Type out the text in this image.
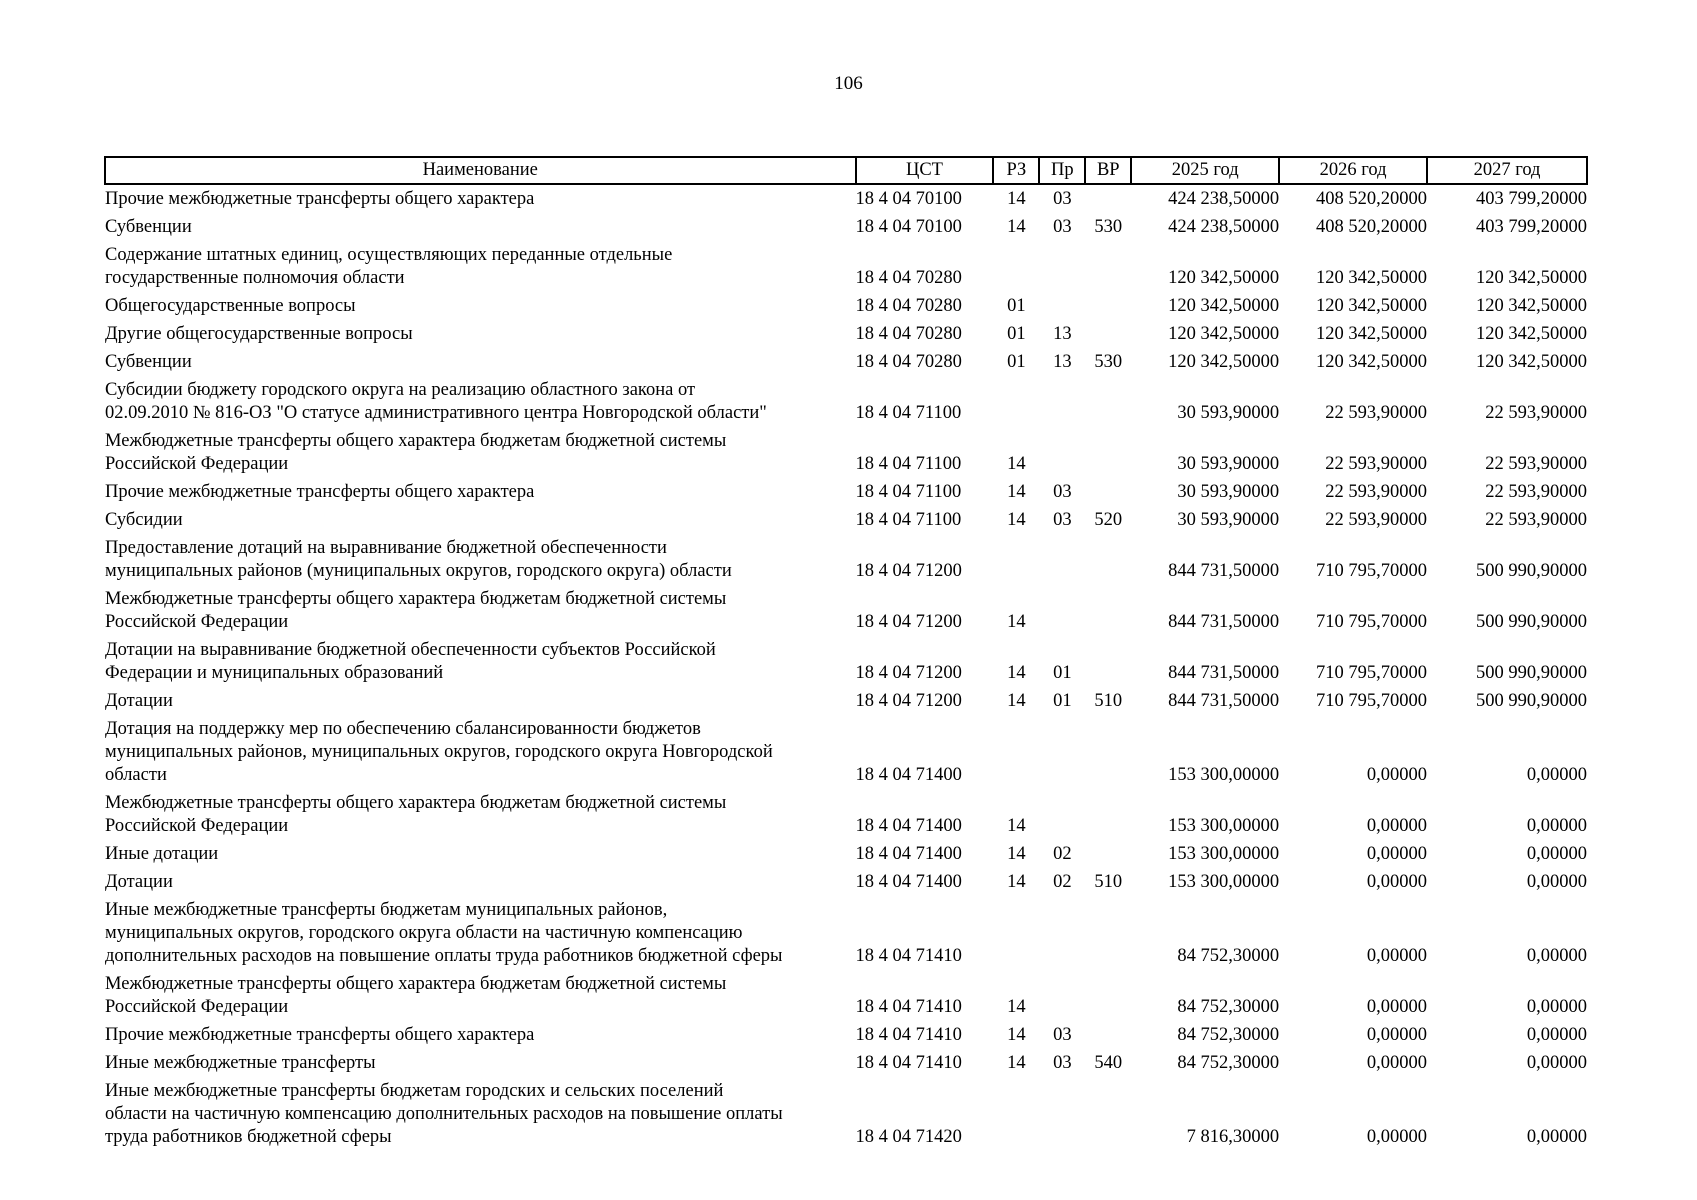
106
Наименование	ЦСТ	РЗ	Пр	ВР	2025 год	2026 год	2027 год

Прочие межбюджетные трансферты общего характера	18 4 04 70100	14	03		424 238,50000	408 520,20000	403 799,20000

Субвенции	18 4 04 70100	14	03	530	424 238,50000	408 520,20000	403 799,20000

Содержание штатных единиц, осуществляющих переданные отдельные
государственные полномочия области	18 4 04 70280				120 342,50000	120 342,50000	120 342,50000

Общегосударственные вопросы	18 4 04 70280	01			120 342,50000	120 342,50000	120 342,50000

Другие общегосударственные вопросы	18 4 04 70280	01	13		120 342,50000	120 342,50000	120 342,50000

Субвенции	18 4 04 70280	01	13	530	120 342,50000	120 342,50000	120 342,50000

Субсидии бюджету городского округа на реализацию областного закона от
02.09.2010 № 816-ОЗ "О статусе административного центра Новгородской области"	18 4 04 71100				30 593,90000	22 593,90000	22 593,90000

Межбюджетные трансферты общего характера бюджетам бюджетной системы
Российской Федерации	18 4 04 71100	14			30 593,90000	22 593,90000	22 593,90000

Прочие межбюджетные трансферты общего характера	18 4 04 71100	14	03		30 593,90000	22 593,90000	22 593,90000

Субсидии	18 4 04 71100	14	03	520	30 593,90000	22 593,90000	22 593,90000

Предоставление дотаций на выравнивание бюджетной обеспеченности
муниципальных районов (муниципальных округов, городского округа) области	18 4 04 71200				844 731,50000	710 795,70000	500 990,90000

Межбюджетные трансферты общего характера бюджетам бюджетной системы
Российской Федерации	18 4 04 71200	14			844 731,50000	710 795,70000	500 990,90000

Дотации на выравнивание бюджетной обеспеченности субъектов Российской
Федерации и муниципальных образований	18 4 04 71200	14	01		844 731,50000	710 795,70000	500 990,90000

Дотации	18 4 04 71200	14	01	510	844 731,50000	710 795,70000	500 990,90000

Дотация на поддержку мер по обеспечению сбалансированности бюджетов
муниципальных районов, муниципальных округов, городского округа Новгородской
области	18 4 04 71400				153 300,00000	0,00000	0,00000

Межбюджетные трансферты общего характера бюджетам бюджетной системы
Российской Федерации	18 4 04 71400	14			153 300,00000	0,00000	0,00000

Иные дотации	18 4 04 71400	14	02		153 300,00000	0,00000	0,00000

Дотации	18 4 04 71400	14	02	510	153 300,00000	0,00000	0,00000

Иные межбюджетные трансферты бюджетам муниципальных районов,
муниципальных округов, городского округа области на частичную компенсацию
дополнительных расходов на повышение оплаты труда работников бюджетной сферы	18 4 04 71410				84 752,30000	0,00000	0,00000

Межбюджетные трансферты общего характера бюджетам бюджетной системы
Российской Федерации	18 4 04 71410	14			84 752,30000	0,00000	0,00000

Прочие межбюджетные трансферты общего характера	18 4 04 71410	14	03		84 752,30000	0,00000	0,00000

Иные межбюджетные трансферты	18 4 04 71410	14	03	540	84 752,30000	0,00000	0,00000

Иные межбюджетные трансферты бюджетам городских и сельских поселений
области на частичную компенсацию дополнительных расходов на повышение оплаты
труда работников бюджетной сферы	18 4 04 71420				7 816,30000	0,00000	0,00000
